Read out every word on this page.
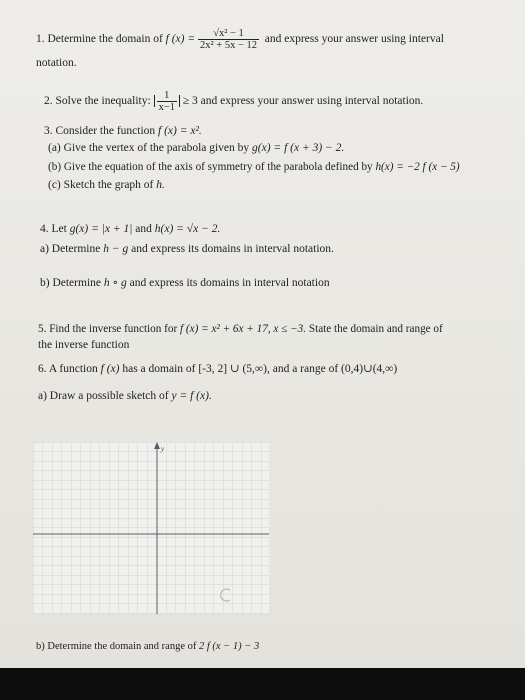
1. Determine the domain of f $(x) = \frac{\text{√x² − 1}}{\text{2x² + 5x − 12}}$ and express your answer using interval
notation.
2. Solve the inequality: $\frac{1}{x-1} \ge 3$ and express your answer using interval notation.
3. Consider the function f (x) = x².
(a) Give the vertex of the parabola given by g(x) = f (x + 3) − 2.
(b) Give the equation of the axis of symmetry of the parabola defined by h(x) = −2 f (x − 5)
(c) Sketch the graph of h.
4. Let g(x) = |x + 1| and h(x) = √x − 2.
a) Determine h − g and express its domains in interval notation.
b) Determine h ∘ g and express its domains in interval notation
5. Find the inverse function for f (x) = x² + 6x + 17, x ≤ −3. State the domain and range of
the inverse function
6. A function f (x) has a domain of [-3, 2] ∪ (5,∞), and a range of (0,4)∪(4,∞)
a) Draw a possible sketch of y = f (x).
y
b) Determine the domain and range of 2 f (x − 1) − 3
